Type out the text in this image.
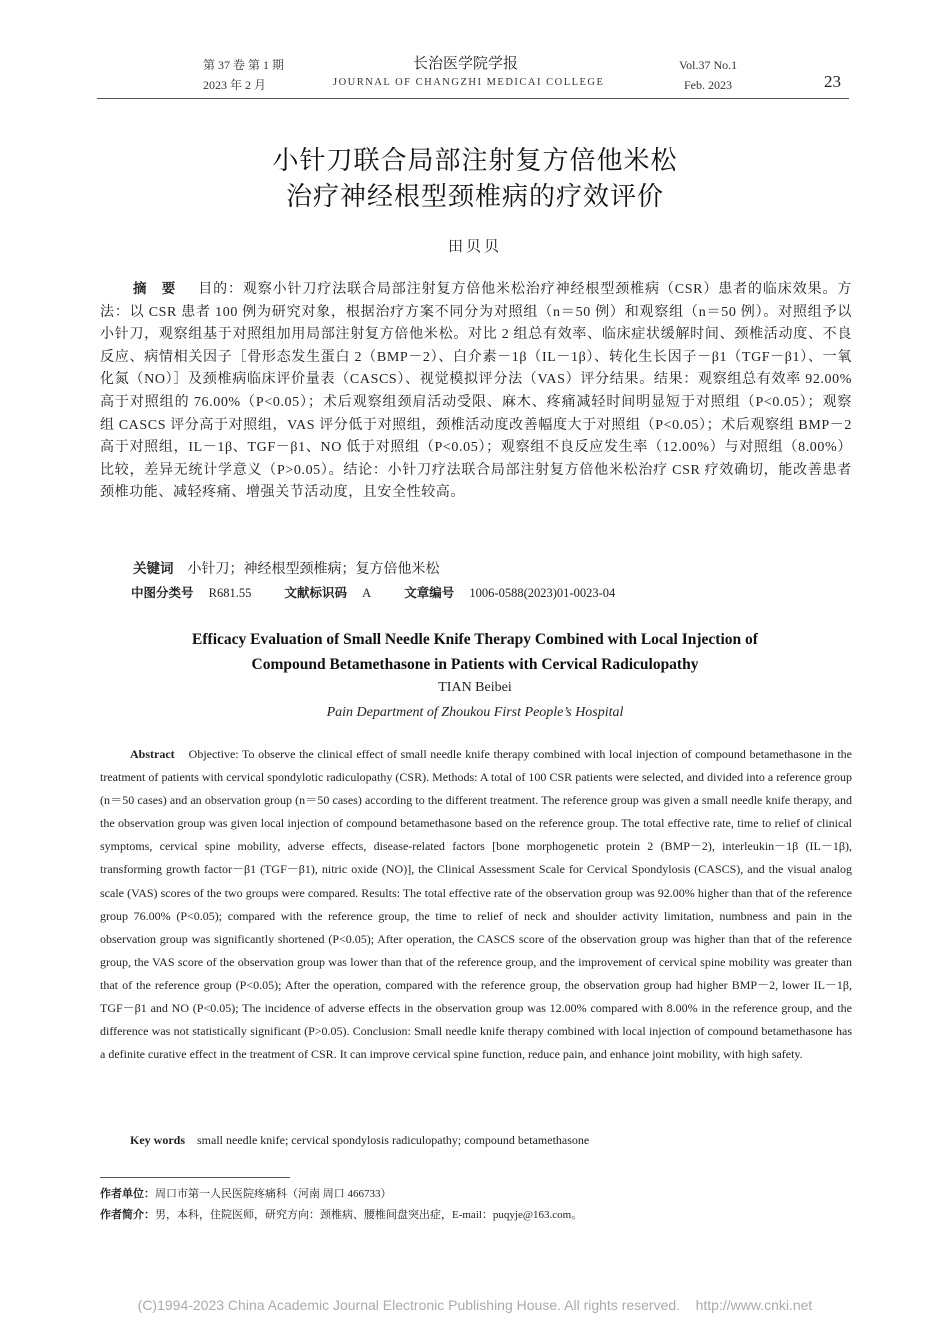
第 37 卷 第 1 期
2023 年 2 月
长治医学院学报
JOURNAL OF CHANGZHI MEDICAI COLLEGE
Vol.37 No.1
Feb. 2023	23
小针刀联合局部注射复方倍他米松
治疗神经根型颈椎病的疗效评价
田贝贝
摘　要 目的：观察小针刀疗法联合局部注射复方倍他米松治疗神经根型颈椎病（CSR）患者的临床效果。方法：以 CSR 患者 100 例为研究对象，根据治疗方案不同分为对照组（n＝50 例）和观察组（n＝50 例）。对照组予以小针刀，观察组基于对照组加用局部注射复方倍他米松。对比 2 组总有效率、临床症状缓解时间、颈椎活动度、不良反应、病情相关因子［骨形态发生蛋白 2（BMP－2）、白介素－1β（IL－1β）、转化生长因子－β1（TGF－β1）、一氧化氮（NO）］及颈椎病临床评价量表（CASCS）、视觉模拟评分法（VAS）评分结果。结果：观察组总有效率 92.00%高于对照组的 76.00%（P<0.05）；术后观察组颈肩活动受限、麻木、疼痛减轻时间明显短于对照组（P<0.05）；观察组 CASCS 评分高于对照组，VAS 评分低于对照组，颈椎活动度改善幅度大于对照组（P<0.05）；术后观察组 BMP－2 高于对照组，IL－1β、TGF－β1、NO 低于对照组（P<0.05）；观察组不良反应发生率（12.00%）与对照组（8.00%）比较，差异无统计学意义（P>0.05）。结论：小针刀疗法联合局部注射复方倍他米松治疗 CSR 疗效确切，能改善患者颈椎功能、减轻疼痛、增强关节活动度，且安全性较高。
关键词 小针刀；神经根型颈椎病；复方倍他米松
中图分类号 R681.55	文献标识码 A	文章编号 1006-0588(2023)01-0023-04
Efficacy Evaluation of Small Needle Knife Therapy Combined with Local Injection of
Compound Betamethasone in Patients with Cervical Radiculopathy
TIAN Beibei
Pain Department of Zhoukou First People’s Hospital
Abstract Objective: To observe the clinical effect of small needle knife therapy combined with local injection of compound betamethasone in the treatment of patients with cervical spondylotic radiculopathy (CSR). Methods: A total of 100 CSR patients were selected, and divided into a reference group (n＝50 cases) and an observation group (n＝50 cases) according to the different treatment. The reference group was given a small needle knife therapy, and the observation group was given local injection of compound betamethasone based on the reference group. The total effective rate, time to relief of clinical symptoms, cervical spine mobility, adverse effects, disease-related factors [bone morphogenetic protein 2 (BMP－2), interleukin－1β (IL－1β), transforming growth factor－β1 (TGF－β1), nitric oxide (NO)], the Clinical Assessment Scale for Cervical Spondylosis (CASCS), and the visual analog scale (VAS) scores of the two groups were compared. Results: The total effective rate of the observation group was 92.00% higher than that of the reference group 76.00% (P<0.05); compared with the reference group, the time to relief of neck and shoulder activity limitation, numbness and pain in the observation group was significantly shortened (P<0.05); After operation, the CASCS score of the observation group was higher than that of the reference group, the VAS score of the observation group was lower than that of the reference group, and the improvement of cervical spine mobility was greater than that of the reference group (P<0.05); After the operation, compared with the reference group, the observation group had higher BMP－2, lower IL－1β, TGF－β1 and NO (P<0.05); The incidence of adverse effects in the observation group was 12.00% compared with 8.00% in the reference group, and the difference was not statistically significant (P>0.05). Conclusion: Small needle knife therapy combined with local injection of compound betamethasone has a definite curative effect in the treatment of CSR. It can improve cervical spine function, reduce pain, and enhance joint mobility, with high safety.
Key words small needle knife; cervical spondylosis radiculopathy; compound betamethasone
作者单位：周口市第一人民医院疼痛科（河南 周口 466733）
作者简介：男，本科，住院医师，研究方向：颈椎病、腰椎间盘突出症，E-mail：puqyje@163.com。
(C)1994-2023 China Academic Journal Electronic Publishing House. All rights reserved.    http://www.cnki.net
